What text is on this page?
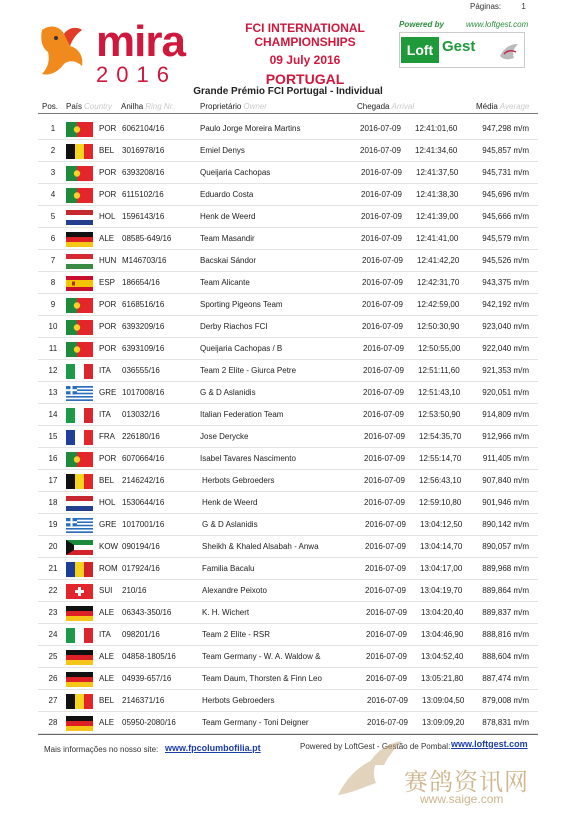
Páginas:	1
mira
2016
FCI INTERNATIONAL CHAMPIONSHIPS
09 July 2016
PORTUGAL
Powered by	www.loftgest.com
Loft Gest
Grande Prémio FCI Portugal - Individual
Pos. País Country Anilha Ring Nr.	Proprietário Owner	Chegada Arrival	Média Average
1	POR 6062104/16	Paulo Jorge Moreira Martins	2016-07-09 12:41:01,60	947,298 m/m
2	BEL 3016978/16	Emiel Denys	2016-07-09 12:41:34,60	945,857 m/m
3	POR 6393208/16	Queijaria Cachopas	2016-07-09 12:41:37,50	945,731 m/m
4	POR 6115102/16	Eduardo Costa	2016-07-09 12:41:38,30	945,696 m/m
5	HOL 1596143/16	Henk de Weerd	2016-07-09 12:41:39,00	945,666 m/m
6	ALE 08585-649/16	Team Masandir	2016-07-09 12:41:41,00	945,579 m/m
7	HUN M146703/16	Bacskai Sándor	2016-07-09 12:41:42,20	945,526 m/m
8	ESP 186654/16	Team Alicante	2016-07-09 12:42:31,70	943,375 m/m
9	POR 6168516/16	Sporting Pigeons Team	2016-07-09 12:42:59,00	942,192 m/m
10	POR 6393209/16	Derby Riachos FCI	2016-07-09 12:50:30,90	923,040 m/m
11	POR 6393109/16	Queijaria Cachopas / B	2016-07-09 12:50:55,00	922,040 m/m
12	ITA 036555/16	Team 2 Elite - Giurca Petre	2016-07-09 12:51:11,60	921,353 m/m
13	GRE 1017008/16	G & D Aslanidis	2016-07-09 12:51:43,10	920,051 m/m
14	ITA 013032/16	Italian Federation Team	2016-07-09 12:53:50,90	914,809 m/m
15	FRA 226180/16	Jose Derycke	2016-07-09 12:54:35,70	912,966 m/m
16	POR 6070664/16	Isabel Tavares Nascimento	2016-07-09 12:55:14,70	911,405 m/m
17	BEL 2146242/16	Herbots Gebroeders	2016-07-09 12:56:43,10	907,840 m/m
18	HOL 1530644/16	Henk de Weerd	2016-07-09 12:59:10,80	901,946 m/m
19	GRE 1017001/16	G & D Aslanidis	2016-07-09 13:04:12,50	890,142 m/m
20	KOW 090194/16	Sheikh & Khaled Alsabah - Anwa	2016-07-09 13:04:14,70	890,057 m/m
21	ROM 017924/16	Familia Bacalu	2016-07-09 13:04:17,00	889,968 m/m
22	SUI 210/16	Alexandre Peixoto	2016-07-09 13:04:19,70	889,864 m/m
23	ALE 06343-350/16	K. H. Wichert	2016-07-09 13:04:20,40 889,837 m/m
24	ITA 098201/16	Team 2 Elite - RSR	2016-07-09 13:04:46,90 888,816 m/m
25	ALE 04858-1805/16	Team Germany - W. A. Waldow &	2016-07-09 13:04:52,40 888,604 m/m
26	ALE 04939-657/16	Team Daum, Thorsten & Finn Leo	2016-07-09 13:05:21,80 887,474 m/m
27	BEL 2146371/16	Herbots Gebroeders	2016-07-09 13:09:04,50 879,008 m/m
28	ALE 05950-2080/16	Team Germany - Toni Deigner	2016-07-09 13:09:09,20 878,831 m/m
Mais informações no nosso site: www.fpcolumbofilia.pt	Powered by LoftGest - Gestão de Pombal: www.loftgest.com
赛鸽资讯网
www.saige.com
